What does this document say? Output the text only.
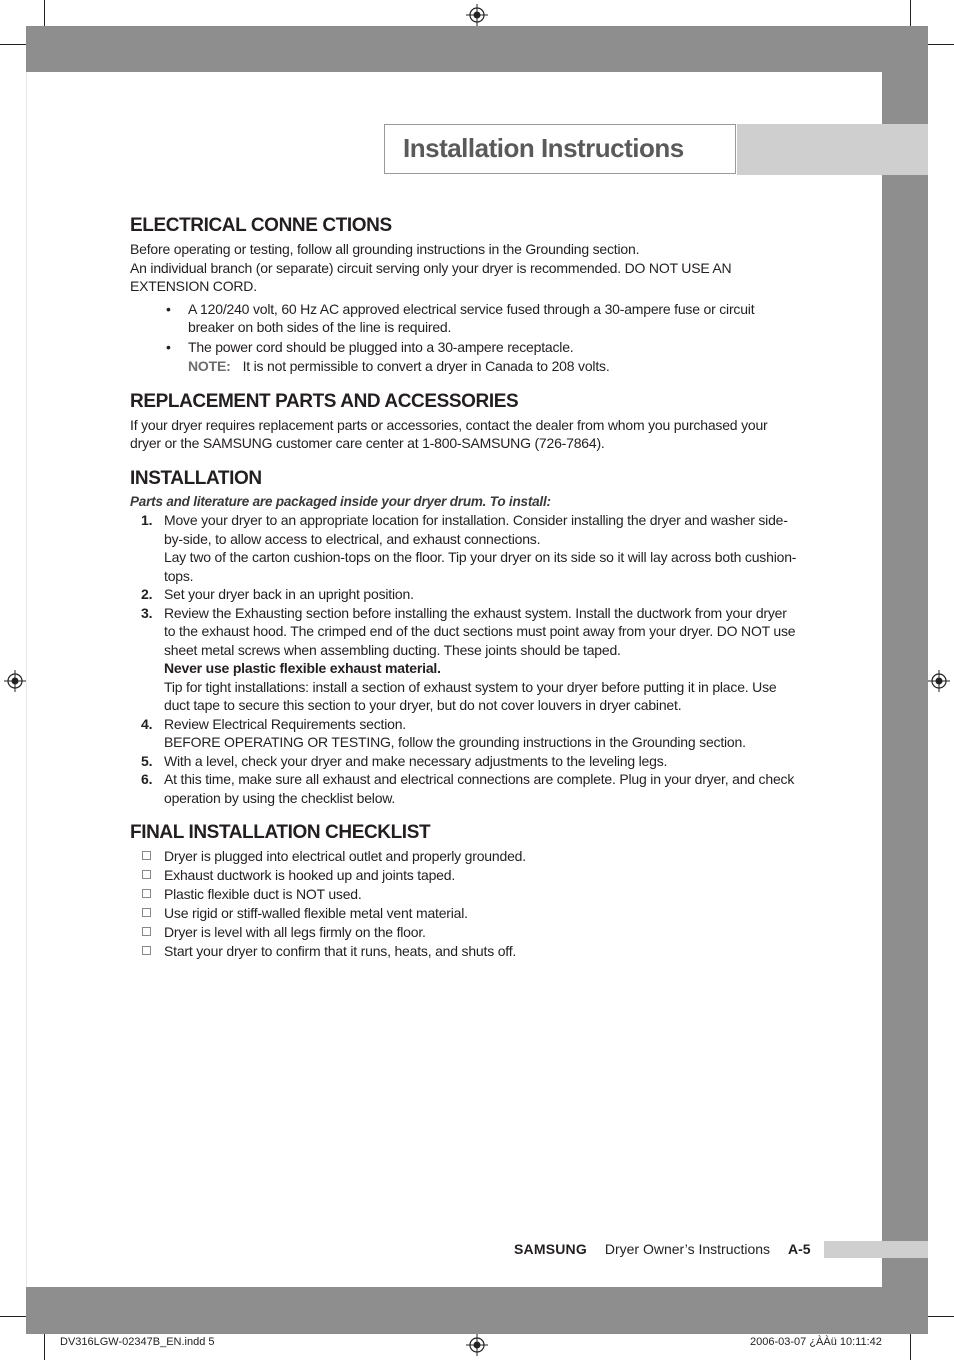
Installation Instructions
ELECTRICAL CONNE CTIONS

Before operating or testing, follow all grounding instructions in the Grounding section.

An individual branch (or separate) circuit serving only your dryer is recommended. DO NOT USE AN EXTENSION CORD.

• A 120/240 volt, 60 Hz AC approved electrical service fused through a 30-ampere fuse or circuit breaker on both sides of the line is required.
• The power cord should be plugged into a 30-ampere receptacle.
NOTE: It is not permissible to convert a dryer in Canada to 208 volts.
REPLACEMENT PARTS AND ACCESSORIES

If your dryer requires replacement parts or accessories, contact the dealer from whom you purchased your dryer or the SAMSUNG customer care center at 1-800-SAMSUNG (726-7864).

INSTALLATION

Parts and literature are packaged inside your dryer drum. To install:

1. Move your dryer to an appropriate location for installation. Consider installing the dryer and washer side-by-side, to allow access to electrical, and exhaust connections.

Lay two of the carton cushion-tops on the floor. Tip your dryer on its side so it will lay across both cushion-tops.

2. Set your dryer back in an upright position.

3. Review the Exhausting section before installing the exhaust system. Install the ductwork from your dryer to the exhaust hood. The crimped end of the duct sections must point away from your dryer. DO NOT use sheet metal screws when assembling ducting. These joints should be taped.

Never use plastic flexible exhaust material.

Tip for tight installations: install a section of exhaust system to your dryer before putting it in place. Use duct tape to secure this section to your dryer, but do not cover louvers in dryer cabinet.

4. Review Electrical Requirements section.

BEFORE OPERATING OR TESTING, follow the grounding instructions in the Grounding section.

5. With a level, check your dryer and make necessary adjustments to the leveling legs.

6. At this time, make sure all exhaust and electrical connections are complete. Plug in your dryer, and check operation by using the checklist below.

FINAL INSTALLATION CHECKLIST
Dryer is plugged into electrical outlet and properly grounded.
Exhaust ductwork is hooked up and joints taped.
Plastic flexible duct is NOT used.
Use rigid or stiff-walled flexible metal vent material.
Dryer is level with all legs firmly on the floor.
Start your dryer to confirm that it runs, heats, and shuts off.
SAMSUNG Dryer Owner’s Instructions A-5
DV316LGW-02347B_EN.indd 5	2006-03-07 ¿ÀÀü 10:11:42
